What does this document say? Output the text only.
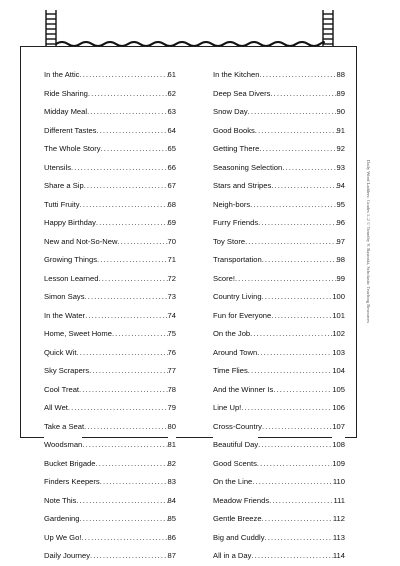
In the Attic . . .	61
Ride Sharing . . .	62
Midday Meal . . .	63
Different Tastes . . .	64
The Whole Story . . .	65
Utensils . . .	66
Share a Sip . . .	67
Tutti Fruity . . .	68
Happy Birthday . . .	69
New and Not-So-New . . .	70
Growing Things . . .	71
Lesson Learned . . .	72
Simon Says . . .	73
In the Water . . .	74
Home, Sweet Home . . .	75
Quick Wit . . .	76
Sky Scrapers . . .	77
Cool Treat . . .	78
All Wet . . .	79
Take a Seat . . .	80
Woodsman . . .	81
Bucket Brigade . . .	82
Finders Keepers . . .	83
Note This . . .	84
Gardening . . .	85
Up We Go! . . .	86
Daily Journey . . .	87
In the Kitchen . . .	88
Deep Sea Divers . . .	89
Snow Day . . .	90
Good Books . . .	91
Getting There . . .	92
Seasoning Selection . . .	93
Stars and Stripes . . .	94
Neigh-bors . . .	95
Furry Friends . . .	96
Toy Store . . .	97
Transportation . . .	98
Score! . . .	99
Country Living . . .	100
Fun for Everyone . . .	101
On the Job . . .	102
Around Town . . .	103
Time Flies . . .	104
And the Winner Is . . .	105
Line Up! . . .	106
Cross-Country . . .	107
Beautiful Day . . .	108
Good Scents . . .	109
On the Line . . .	110
Meadow Friends . . .	111
Gentle Breeze . . .	112
Big and Cuddly . . .	113
All in a Day . . .	114
Daily Word Ladders: Grades 1–2 © Timothy V. Rasinski, Scholastic Teaching Resources
